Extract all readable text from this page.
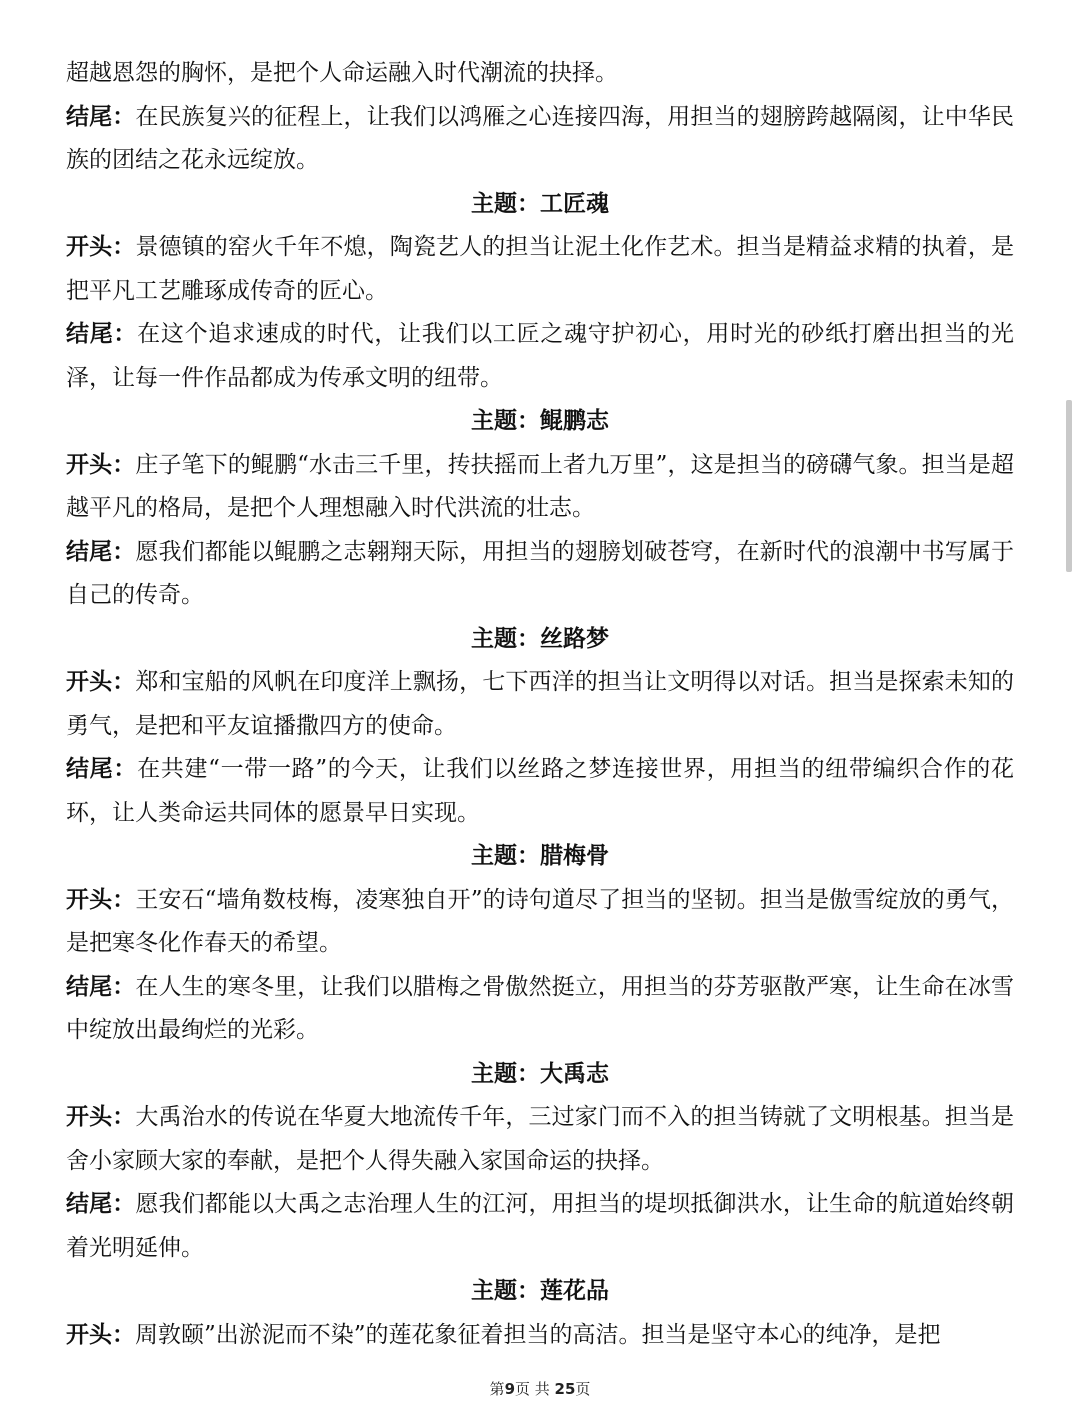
超越恩怨的胸怀，是把个人命运融入时代潮流的抉择。

结尾：在民族复兴的征程上，让我们以鸿雁之心连接四海，用担当的翅膀跨越隔阂，让中华民族的团结之花永远绽放。

主题：工匠魂

开头：景德镇的窑火千年不熄，陶瓷艺人的担当让泥土化作艺术。担当是精益求精的执着，是把平凡工艺雕琢成传奇的匠心。

结尾：在这个追求速成的时代，让我们以工匠之魂守护初心，用时光的砂纸打磨出担当的光泽，让每一件作品都成为传承文明的纽带。

主题：鲲鹏志

开头：庄子笔下的鲲鹏“水击三千里，抟扶摇而上者九万里”，这是担当的磅礴气象。担当是超越平凡的格局，是把个人理想融入时代洪流的壮志。

结尾：愿我们都能以鲲鹏之志翱翔天际，用担当的翅膀划破苍穹，在新时代的浪潮中书写属于自己的传奇。

主题：丝路梦

开头：郑和宝船的风帆在印度洋上飘扬，七下西洋的担当让文明得以对话。担当是探索未知的勇气，是把和平友谊播撒四方的使命。

结尾：在共建“一带一路”的今天，让我们以丝路之梦连接世界，用担当的纽带编织合作的花环，让人类命运共同体的愿景早日实现。

主题：腊梅骨

开头：王安石“墙角数枝梅，凌寒独自开”的诗句道尽了担当的坚韧。担当是傲雪绽放的勇气，是把寒冬化作春天的希望。

结尾：在人生的寒冬里，让我们以腊梅之骨傲然挺立，用担当的芬芳驱散严寒，让生命在冰雪中绽放出最绚烂的光彩。

主题：大禹志

开头：大禹治水的传说在华夏大地流传千年，三过家门而不入的担当铸就了文明根基。担当是舍小家顾大家的奉献，是把个人得失融入家国命运的抉择。

结尾：愿我们都能以大禹之志治理人生的江河，用担当的堤坝抵御洪水，让生命的航道始终朝着光明延伸。

主题：莲花品

开头：周敦颐”出淤泥而不染”的莲花象征着担当的高洁。担当是坚守本心的纯净，是把

第9页 共 25页
